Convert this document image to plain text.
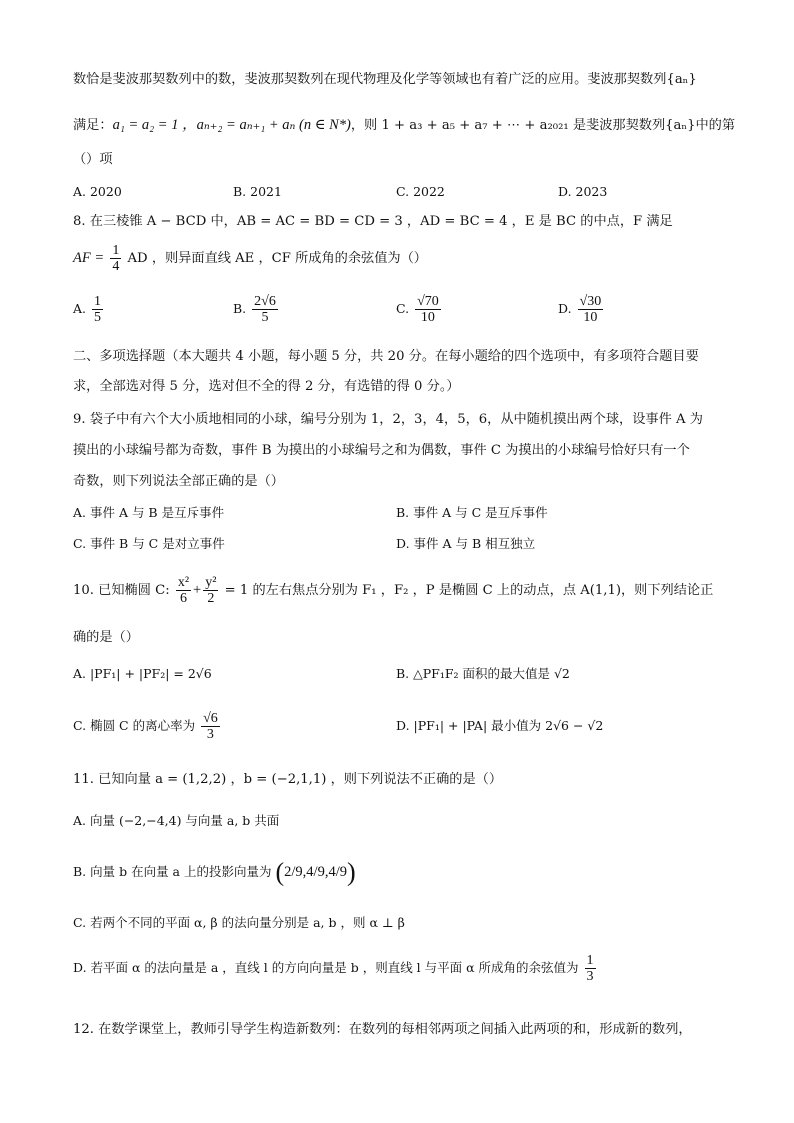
数恰是斐波那契数列中的数，斐波那契数列在现代物理及化学等领域也有着广泛的应用。斐波那契数列{aₙ}
满足：a₁ = a₂ = 1 ，aₙ₊₂ = aₙ₊₁ + aₙ (n ∈ N*)，则 1 + a₃ + a₅ + a₇ + ⋯ + a₂₀₂₁ 是斐波那契数列{aₙ}中的第
（）项
A. 2020	B. 2021	C. 2022	D. 2023
8. 在三棱锥 A − BCD 中，AB = AC = BD = CD = 3 ，AD = BC = 4 ，E 是 BC 的中点，F 满足
AF = $\frac{1}{4}$ AD ，则异面直线 AE ，CF 所成角的余弦值为（）
A. $\frac{1}{5}$	B. $\frac{2√6}{5}$	C. $\frac{√70}{10}$	D. $\frac{√30}{10}$
二、多项选择题（本大题共 4 小题，每小题 5 分，共 20 分。在每小题给的四个选项中，有多项符合题目要
求，全部选对得 5 分，选对但不全的得 2 分，有选错的得 0 分。）
9. 袋子中有六个大小质地相同的小球，编号分别为 1，2，3，4，5，6，从中随机摸出两个球，设事件 A 为
摸出的小球编号都为奇数，事件 B 为摸出的小球编号之和为偶数，事件 C 为摸出的小球编号恰好只有一个
奇数，则下列说法全部正确的是（）
A. 事件 A 与 B 是互斥事件	B. 事件 A 与 C 是互斥事件
C. 事件 B 与 C 是对立事件	D. 事件 A 与 B 相互独立
10. 已知椭圆 C: $\frac{\text{x²}}{6} + \frac{\text{y²}}{2} = 1$ 的左右焦点分别为 F₁ ，F₂ ，P 是椭圆 C 上的动点，点 A(1,1)，则下列结论正
确的是（）
A. |PF₁| + |PF₂| = 2√6	B. △PF₁F₂ 面积的最大值是 √2
C. 椭圆 C 的离心率为 $\frac{√6}{3}$	D. |PF₁| + |PA| 最小值为 2√6 − √2
11. 已知向量 a = (1,2,2) ，b = (−2,1,1) ，则下列说法不正确的是（）
A. 向量 (−2,−4,4) 与向量 a, b 共面
B. 向量 b 在向量 a 上的投影向量为 (2/9,4/9,4/9)
C. 若两个不同的平面 α, β 的法向量分别是 a, b ，则 α ⊥ β
D. 若平面 α 的法向量是 a ，直线 l 的方向向量是 b ，则直线 l 与平面 α 所成角的余弦值为 $\frac{1}{3}$
12. 在数学课堂上，教师引导学生构造新数列：在数列的每相邻两项之间插入此两项的和，形成新的数列，
